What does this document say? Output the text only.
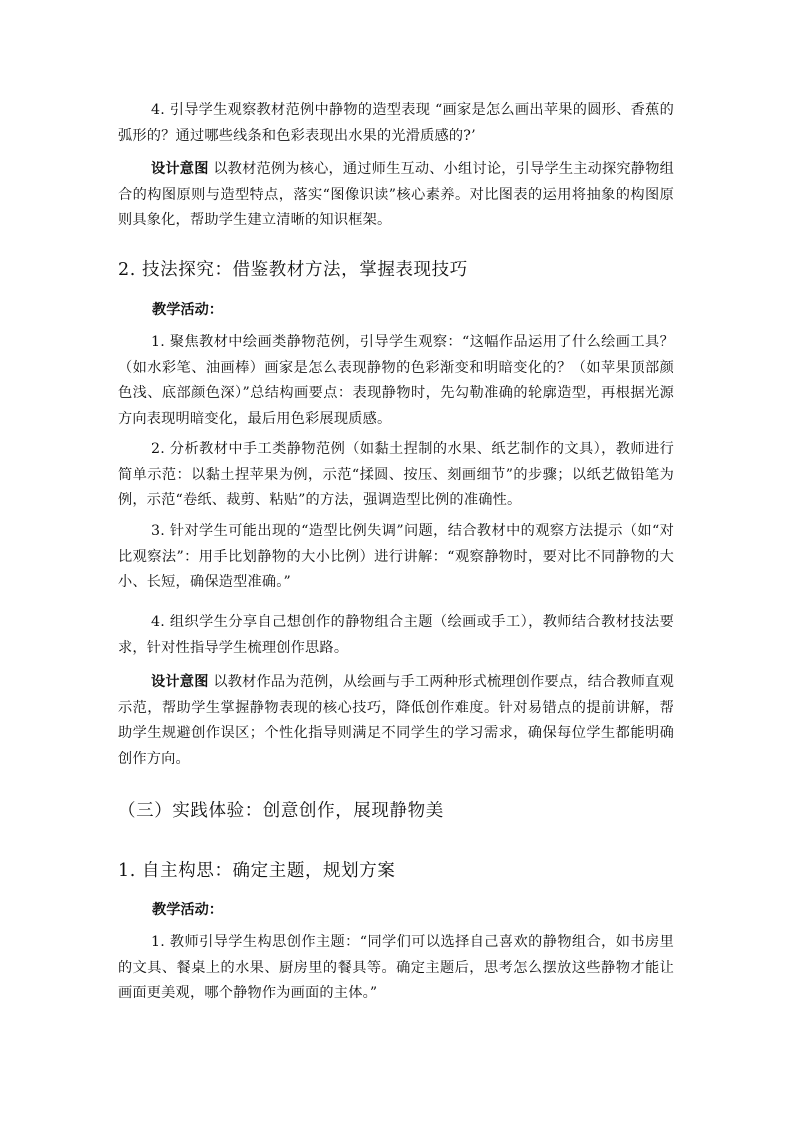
4. 引导学生观察教材范例中静物的造型表现 “画家是怎么画出苹果的圆形、香蕉的弧形的？通过哪些线条和色彩表现出水果的光滑质感的?’

设计意图 以教材范例为核心，通过师生互动、小组讨论，引导学生主动探究静物组合的构图原则与造型特点，落实“图像识读”核心素养。对比图表的运用将抽象的构图原则具象化，帮助学生建立清晰的知识框架。

2. 技法探究：借鉴教材方法，掌握表现技巧

教学活动：

1. 聚焦教材中绘画类静物范例，引导学生观察：“这幅作品运用了什么绘画工具？（如水彩笔、油画棒）画家是怎么表现静物的色彩渐变和明暗变化的？（如苹果顶部颜色浅、底部颜色深）”总结构画要点：表现静物时，先勾勒准确的轮廓造型，再根据光源方向表现明暗变化，最后用色彩展现质感。

2. 分析教材中手工类静物范例（如黏土捏制的水果、纸艺制作的文具），教师进行简单示范：以黏土捏苹果为例，示范“揉圆、按压、刻画细节”的步骤；以纸艺做铅笔为例，示范“卷纸、裁剪、粘贴”的方法，强调造型比例的准确性。

3. 针对学生可能出现的“造型比例失调”问题，结合教材中的观察方法提示（如“对比观察法”：用手比划静物的大小比例）进行讲解：“观察静物时，要对比不同静物的大小、长短，确保造型准确。”

4. 组织学生分享自己想创作的静物组合主题（绘画或手工），教师结合教材技法要求，针对性指导学生梳理创作思路。

设计意图 以教材作品为范例，从绘画与手工两种形式梳理创作要点，结合教师直观示范，帮助学生掌握静物表现的核心技巧，降低创作难度。针对易错点的提前讲解，帮助学生规避创作误区；个性化指导则满足不同学生的学习需求，确保每位学生都能明确创作方向。

（三）实践体验：创意创作，展现静物美
1. 自主构思：确定主题，规划方案

教学活动：

1. 教师引导学生构思创作主题：“同学们可以选择自己喜欢的静物组合，如书房里的文具、餐桌上的水果、厨房里的餐具等。确定主题后，思考怎么摆放这些静物才能让画面更美观，哪个静物作为画面的主体。”
